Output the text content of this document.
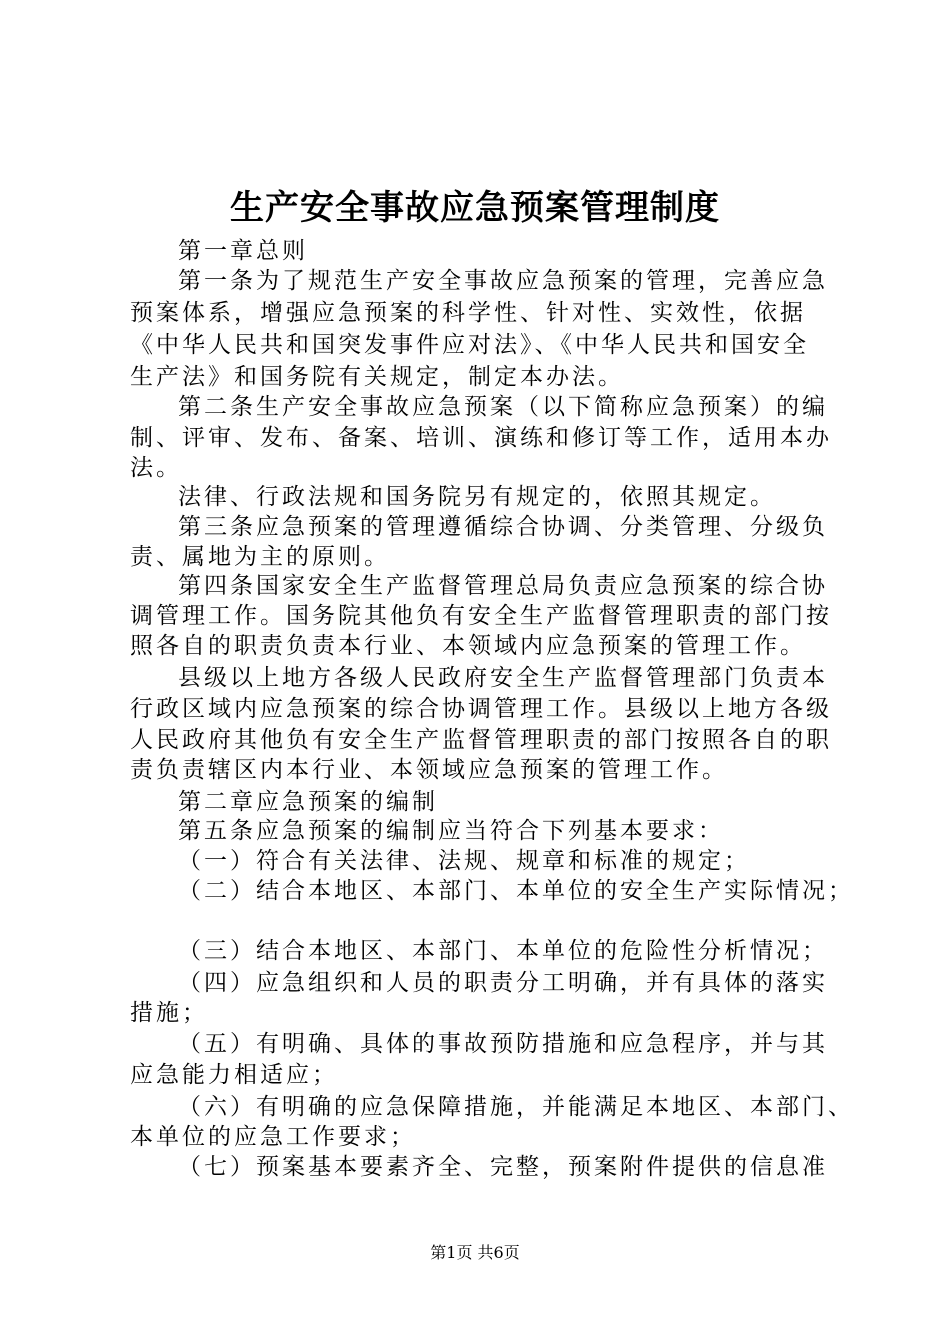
生产安全事故应急预案管理制度
第一章总则
第一条为了规范生产安全事故应急预案的管理，完善应急
预案体系，增强应急预案的科学性、针对性、实效性，依据
《中华人民共和国突发事件应对法》、《中华人民共和国安全
生产法》和国务院有关规定，制定本办法。
第二条生产安全事故应急预案（以下简称应急预案）的编
制、评审、发布、备案、培训、演练和修订等工作，适用本办
法。
法律、行政法规和国务院另有规定的，依照其规定。
第三条应急预案的管理遵循综合协调、分类管理、分级负
责、属地为主的原则。
第四条国家安全生产监督管理总局负责应急预案的综合协
调管理工作。国务院其他负有安全生产监督管理职责的部门按
照各自的职责负责本行业、本领域内应急预案的管理工作。
县级以上地方各级人民政府安全生产监督管理部门负责本
行政区域内应急预案的综合协调管理工作。县级以上地方各级
人民政府其他负有安全生产监督管理职责的部门按照各自的职
责负责辖区内本行业、本领域应急预案的管理工作。
第二章应急预案的编制
第五条应急预案的编制应当符合下列基本要求：
（一）符合有关法律、法规、规章和标准的规定；
（二）结合本地区、本部门、本单位的安全生产实际情况；
（三）结合本地区、本部门、本单位的危险性分析情况；
（四）应急组织和人员的职责分工明确，并有具体的落实
措施；
（五）有明确、具体的事故预防措施和应急程序，并与其
应急能力相适应；
（六）有明确的应急保障措施，并能满足本地区、本部门、
本单位的应急工作要求；
（七）预案基本要素齐全、完整，预案附件提供的信息准
第1页 共6页
